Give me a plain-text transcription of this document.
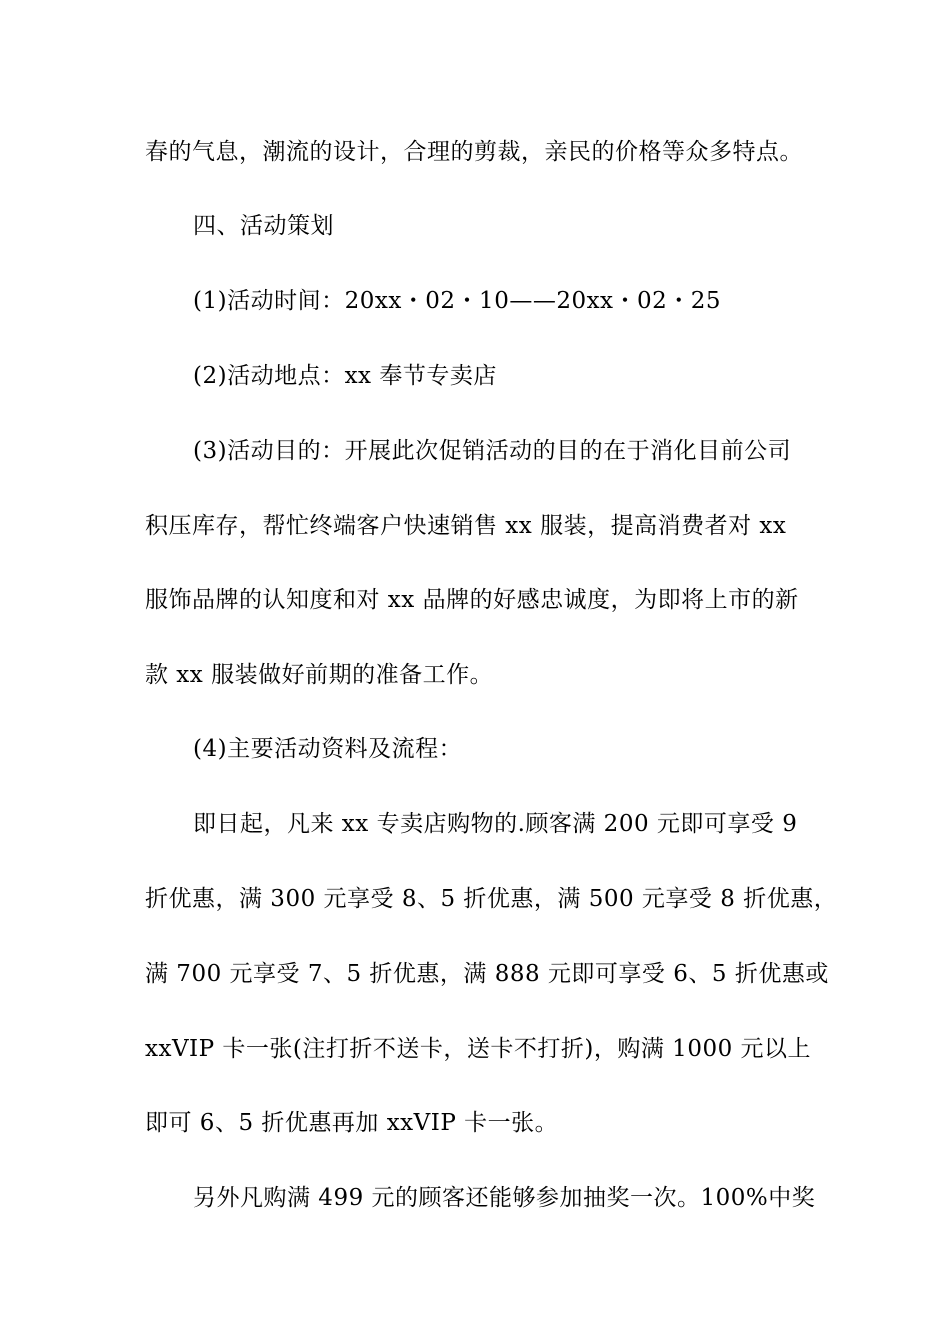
春的气息，潮流的设计，合理的剪裁，亲民的价格等众多特点。
四、活动策划
(1)活动时间：20xx・02・10——20xx・02・25
(2)活动地点：xx 奉节专卖店
(3)活动目的：开展此次促销活动的目的在于消化目前公司
积压库存，帮忙终端客户快速销售 xx 服装，提高消费者对 xx
服饰品牌的认知度和对 xx 品牌的好感忠诚度，为即将上市的新
款 xx 服装做好前期的准备工作。
(4)主要活动资料及流程：
即日起，凡来 xx 专卖店购物的.顾客满 200 元即可享受 9
折优惠，满 300 元享受 8、5 折优惠，满 500 元享受 8 折优惠，
满 700 元享受 7、5 折优惠，满 888 元即可享受 6、5 折优惠或
xxVIP 卡一张(注打折不送卡，送卡不打折)，购满 1000 元以上
即可 6、5 折优惠再加 xxVIP 卡一张。
另外凡购满 499 元的顾客还能够参加抽奖一次。100%中奖
